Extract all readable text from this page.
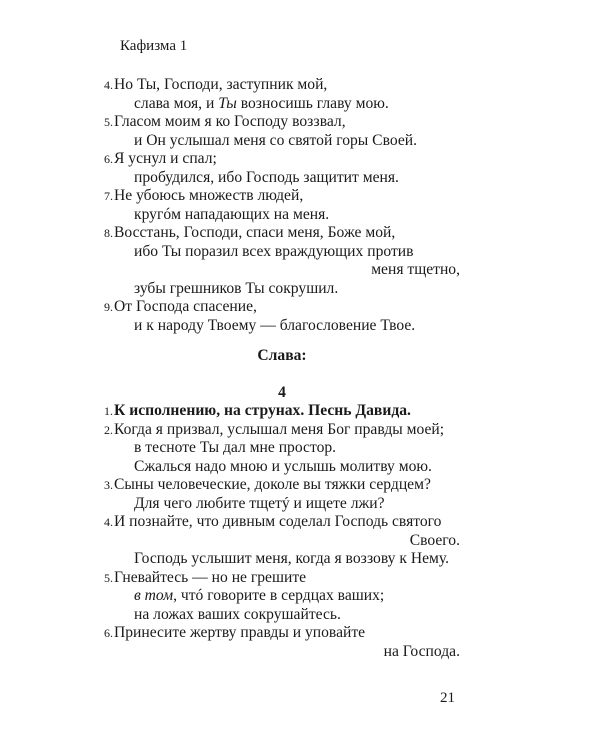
Кафизма 1
4.Но Ты, Господи, заступник мой,
слава моя, и Ты возносишь главу мою.
5.Гласом моим я ко Господу воззвал,
и Он услышал меня со святой горы Своей.
6.Я уснул и спал;
пробудился, ибо Господь защитит меня.
7.Не убоюсь множеств людей,
кругóм нападающих на меня.
8.Восстань, Господи, спаси меня, Боже мой,
ибо Ты поразил всех враждующих против
меня тщетно,
зубы грешников Ты сокрушил.
9.От Господа спасение,
и к народу Твоему — благословение Твое.
Слава:
4
1.К исполнению, на струнах. Песнь Давида.
2.Когда я призвал, услышал меня Бог правды моей;
в тесноте Ты дал мне простор.
Сжалься надо мною и услышь молитву мою.
3.Сыны человеческие, доколе вы тяжки сердцем?
Для чего любите тщетý и ищете лжи?
4.И познайте, что дивным соделал Господь святого
Своего.
Господь услышит меня, когда я воззову к Нему.
5.Гневайтесь — но не грешите
в том, чтó говорите в сердцах ваших;
на ложах ваших сокрушайтесь.
6.Принесите жертву правды и уповайте
на Господа.
21
